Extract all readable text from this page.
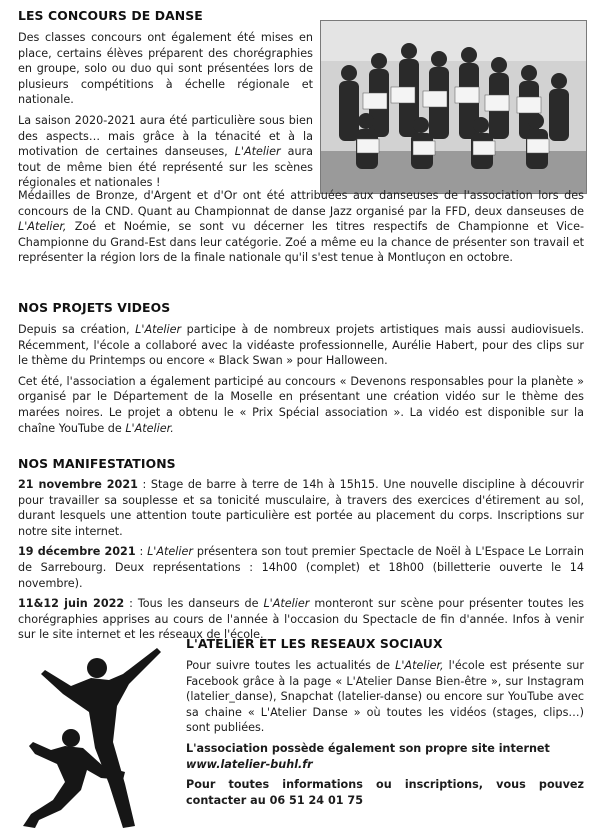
LES CONCOURS DE DANSE

Des classes concours ont également été mises en place, certains élèves préparent des chorégraphies en groupe, solo ou duo qui sont présentées lors de plusieurs compétitions à échelle régionale et nationale.

La saison 2020-2021 aura été particulière sous bien des aspects… mais grâce à la ténacité et à la motivation de certaines danseuses, L'Atelier aura tout de même bien été représenté sur les scènes régionales et nationales !

Médailles de Bronze, d'Argent et d'Or ont été attribuées aux danseuses de l'association lors des concours de la CND. Quant au Championnat de danse Jazz organisé par la FFD, deux danseuses de L'Atelier, Zoé et Noémie, se sont vu décerner les titres respectifs de Championne et Vice-Championne du Grand-Est dans leur catégorie. Zoé a même eu la chance de présenter son travail et représenter la région lors de la finale nationale qu'il s'est tenue à Montluçon en octobre.

NOS PROJETS VIDEOS

Depuis sa création, L'Atelier participe à de nombreux projets artistiques mais aussi audiovisuels. Récemment, l'école a collaboré avec la vidéaste professionnelle, Aurélie Habert, pour des clips sur le thème du Printemps ou encore « Black Swan » pour Halloween.

Cet été, l'association a également participé au concours « Devenons responsables pour la planète » organisé par le Département de la Moselle en présentant une création vidéo sur le thème des marées noires. Le projet a obtenu le « Prix Spécial association ». La vidéo est disponible sur la chaîne YouTube de L'Atelier.

NOS MANIFESTATIONS

21 novembre 2021 : Stage de barre à terre de 14h à 15h15. Une nouvelle discipline à découvrir pour travailler sa souplesse et sa tonicité musculaire, à travers des exercices d'étirement au sol, durant lesquels une attention toute particulière est portée au placement du corps. Inscriptions sur notre site internet.

19 décembre 2021 : L'Atelier présentera son tout premier Spectacle de Noël à L'Espace Le Lorrain de Sarrebourg. Deux représentations : 14h00 (complet) et 18h00 (billetterie ouverte le 14 novembre).

11&12 juin 2022 : Tous les danseurs de L'Atelier monteront sur scène pour présenter toutes les chorégraphies apprises au cours de l'année à l'occasion du Spectacle de fin d'année. Infos à venir sur le site internet et les réseaux de l'école.

L'ATELIER ET LES RESEAUX SOCIAUX

Pour suivre toutes les actualités de L'Atelier, l'école est présente sur Facebook grâce à la page « L'Atelier Danse Bien-être », sur Instagram (latelier_danse), Snapchat (latelier-danse) ou encore sur YouTube avec sa chaine « L'Atelier Danse » où toutes les vidéos (stages, clips…) sont publiées.

L'association possède également son propre site internet
www.latelier-buhl.fr

Pour toutes informations ou inscriptions, vous pouvez contacter au 06 51 24 01 75
